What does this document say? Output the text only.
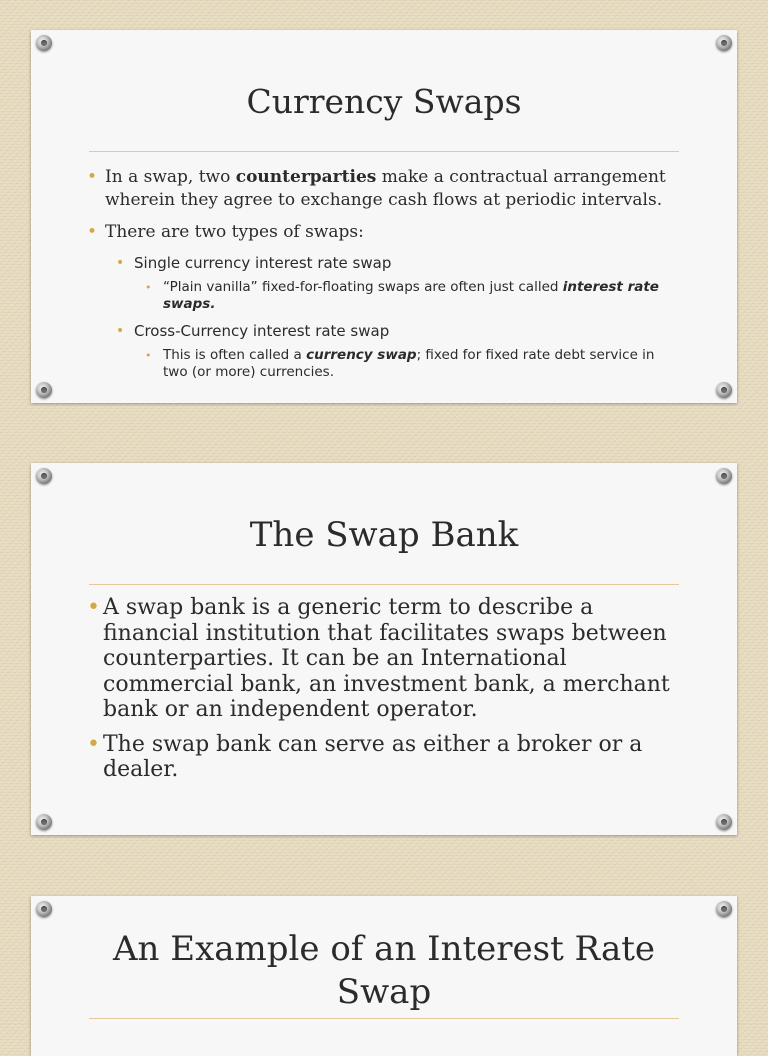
Currency Swaps
• In a swap, two counterparties make a contractual arrangement wherein they agree to exchange cash flows at periodic intervals.
• There are two types of swaps:
• Single currency interest rate swap
• “Plain vanilla” fixed-for-floating swaps are often just called interest rate swaps.
• Cross-Currency interest rate swap
• This is often called a currency swap; fixed for fixed rate debt service in two (or more) currencies.
The Swap Bank
• A swap bank is a generic term to describe a financial institution that facilitates swaps between counterparties. It can be an International commercial bank, an investment bank, a merchant bank or an independent operator.
• The swap bank can serve as either a broker or a dealer.
An Example of an Interest Rate Swap
